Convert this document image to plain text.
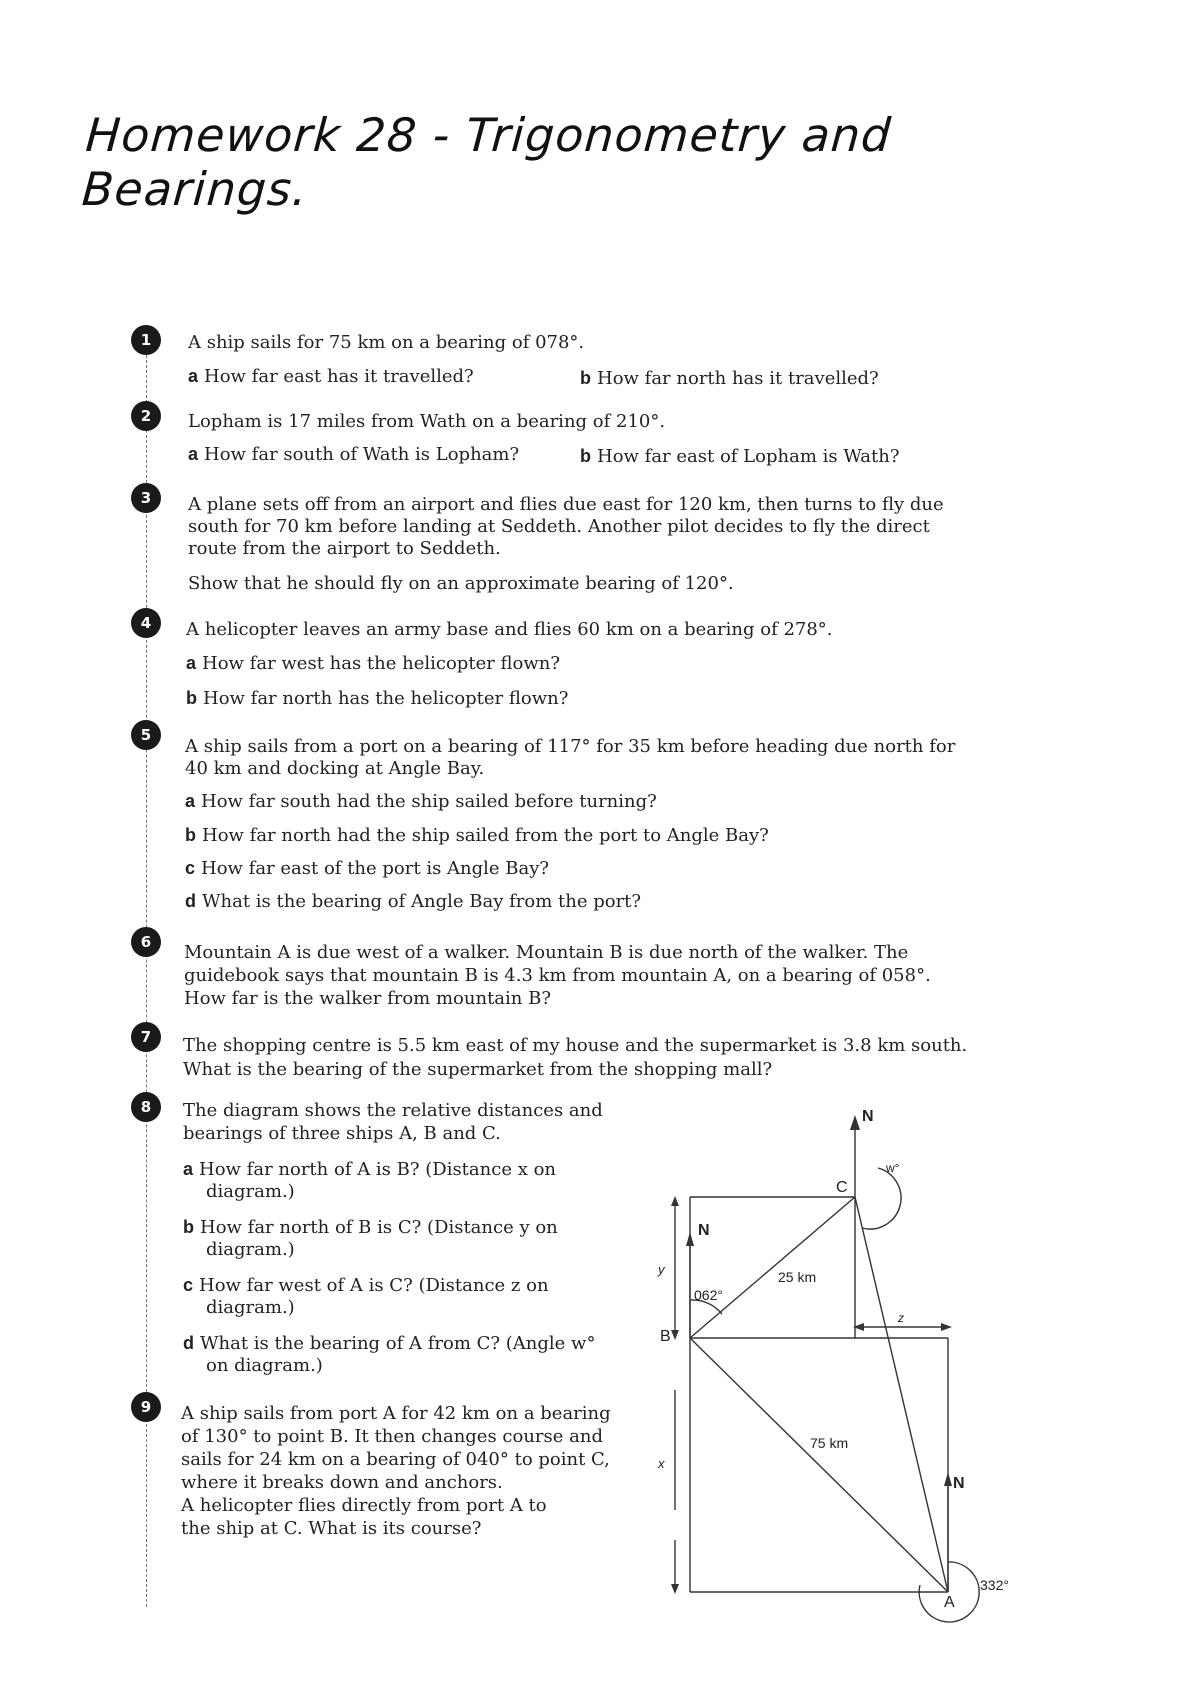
Homework 28 - Trigonometry and Bearings.
1	A ship sails for 75 km on a bearing of 078°.
a How far east has it travelled?	b How far north has it travelled?
2	Lopham is 17 miles from Wath on a bearing of 210°.
a How far south of Wath is Lopham?	b How far east of Lopham is Wath?
3	A plane sets off from an airport and flies due east for 120 km, then turns to fly due
south for 70 km before landing at Seddeth. Another pilot decides to fly the direct
route from the airport to Seddeth.
Show that he should fly on an approximate bearing of 120°.
4	A helicopter leaves an army base and flies 60 km on a bearing of 278°.
a How far west has the helicopter flown?
b How far north has the helicopter flown?
5
A ship sails from a port on a bearing of 117° for 35 km before heading due north for
40 km and docking at Angle Bay.
a How far south had the ship sailed before turning?
b How far north had the ship sailed from the port to Angle Bay?
c How far east of the port is Angle Bay?
d What is the bearing of Angle Bay from the port?
6	Mountain A is due west of a walker. Mountain B is due north of the walker. The
guidebook says that mountain B is 4.3 km from mountain A, on a bearing of 058°.
How far is the walker from mountain B?
7	The shopping centre is 5.5 km east of my house and the supermarket is 3.8 km south.
What is the bearing of the supermarket from the shopping mall?
8	The diagram shows the relative distances and
bearings of three ships A, B and C.
a How far north of A is B? (Distance x on
diagram.)
b How far north of B is C? (Distance y on
diagram.)
c How far west of A is C? (Distance z on
diagram.)
d What is the bearing of A from C? (Angle w°
on diagram.)
9	A ship sails from port A for 42 km on a bearing
of 130° to point B. It then changes course and
sails for 24 km on a bearing of 040° to point C,
where it breaks down and anchors.
A helicopter flies directly from port A to
the ship at C. What is its course?
N
N
N
C
B
A
062°
332°
w°
25 km
75 km
y
x
z
